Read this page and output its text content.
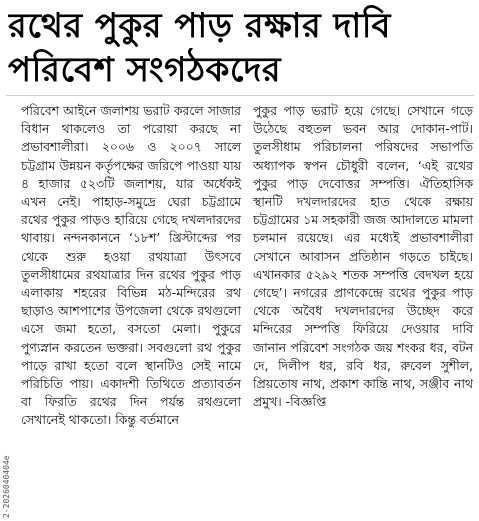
রথের পুকুর পাড় রক্ষার দাবি
পরিবেশ সংগঠকদের

পরিবেশ আইনে জলাশয় ভরাট করলে সাজার বিধান থাকলেও তা পরোয়া করছে না প্রভাবশালীরা। ২০০৬ ও ২০০৭ সালে চট্টগ্রাম উন্নয়ন কর্তৃপক্ষের জরিপে পাওয়া যায় ৪ হাজার ৫২৩টি জলাশয়, যার অর্ধেকই এখন নেই। পাহাড়-সমুদ্রে ঘেরা চট্টগ্রামে রথের পুকুর পাড়ও হারিয়ে গেছে দখলদারদের থাবায়। নন্দনকাননে ‘১৮শ’ খ্রিস্টাব্দের পর থেকে শুরু হওয়া রথযাত্রা উৎসবে তুলসীধামের রথযাত্রার দিন রথের পুকুর পাড় এলাকায় শহরের বিভিন্ন মঠ-মন্দিরের রথ ছাড়াও আশপাশের উপজেলা থেকে রথগুলো এসে জমা হতো, বসতো মেলা। পুকুরে পুণ্যস্নান করতেন ভক্তরা। সবগুলো রথ পুকুর পাড়ে রাখা হতো বলে স্থানটিও সেই নামে পরিচিতি পায়। একাদশী তিথিতে প্রত্যাবর্তন বা ফিরতি রথের দিন পর্যন্ত রথগুলো সেখানেই থাকতো। কিন্তু বর্তমানে

পুকুর পাড় ভরাট হয়ে গেছে। সেখানে গড়ে উঠেছে বহুতল ভবন আর দোকান-পাট। তুলসীধাম পরিচালনা পরিষদের সভাপতি অধ্যাপক স্বপন চৌধুরী বলেন, ‘এই রথের পুকুর পাড় দেবোত্তর সম্পত্তি। ঐতিহাসিক স্থানটি দখলদারদের হাত থেকে রক্ষায় চট্টগ্রামের ১ম সহকারী জজ আদালতে মামলা চলমান রয়েছে। এর মধ্যেই প্রভাবশালীরা সেখানে আবাসন প্রতিষ্ঠান গড়তে চাইছে। এখানকার ৫২৯২ শতক সম্পত্তি বেদখল হয়ে গেছে’। নগরের প্রাণকেন্দ্রে রথের পুকুর পাড় থেকে অবৈধ দখলদারদের উচ্ছেদ করে মন্দিরের সম্পত্তি ফিরিয়ে দেওয়ার দাবি জানান পরিবেশ সংগঠক জয় শংকর ধর, বটন দে, দিলীপ ধর, রবি ধর, রুবেল সুশীল, প্রিয়তোষ নাথ, প্রকাশ কান্তি নাথ, সঞ্জীব নাথ প্রমুখ। -বিজ্ঞপ্তি

2-2026040404e
